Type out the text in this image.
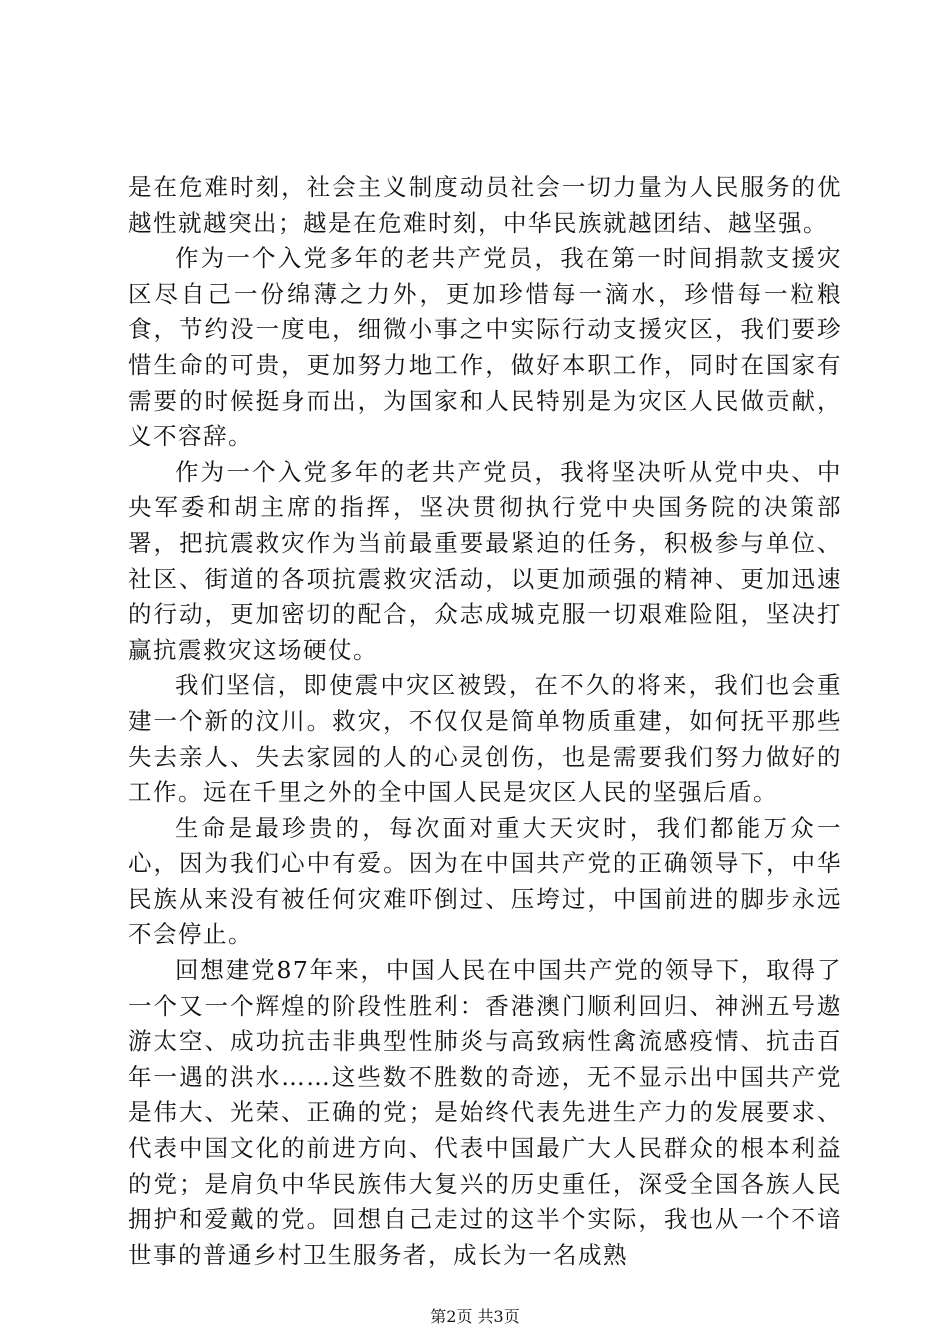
是在危难时刻，社会主义制度动员社会一切力量为人民服务的优越性就越突出；越是在危难时刻，中华民族就越团结、越坚强。

作为一个入党多年的老共产党员，我在第一时间捐款支援灾区尽自己一份绵薄之力外，更加珍惜每一滴水，珍惜每一粒粮食，节约没一度电，细微小事之中实际行动支援灾区，我们要珍惜生命的可贵，更加努力地工作，做好本职工作，同时在国家有需要的时候挺身而出，为国家和人民特别是为灾区人民做贡献，义不容辞。

作为一个入党多年的老共产党员，我将坚决听从党中央、中央军委和胡主席的指挥，坚决贯彻执行党中央国务院的决策部署，把抗震救灾作为当前最重要最紧迫的任务，积极参与单位、社区、街道的各项抗震救灾活动，以更加顽强的精神、更加迅速的行动，更加密切的配合，众志成城克服一切艰难险阻，坚决打赢抗震救灾这场硬仗。

我们坚信，即使震中灾区被毁，在不久的将来，我们也会重建一个新的汶川。救灾，不仅仅是简单物质重建，如何抚平那些失去亲人、失去家园的人的心灵创伤，也是需要我们努力做好的工作。远在千里之外的全中国人民是灾区人民的坚强后盾。

生命是最珍贵的，每次面对重大天灾时，我们都能万众一心，因为我们心中有爱。因为在中国共产党的正确领导下，中华民族从来没有被任何灾难吓倒过、压垮过，中国前进的脚步永远不会停止。

回想建党87年来，中国人民在中国共产党的领导下，取得了一个又一个辉煌的阶段性胜利：香港澳门顺利回归、神洲五号遨游太空、成功抗击非典型性肺炎与高致病性禽流感疫情、抗击百年一遇的洪水……这些数不胜数的奇迹，无不显示出中国共产党是伟大、光荣、正确的党；是始终代表先进生产力的发展要求、代表中国文化的前进方向、代表中国最广大人民群众的根本利益的党；是肩负中华民族伟大复兴的历史重任，深受全国各族人民拥护和爱戴的党。回想自己走过的这半个实际，我也从一个不谙世事的普通乡村卫生服务者，成长为一名成熟

第2页 共3页
